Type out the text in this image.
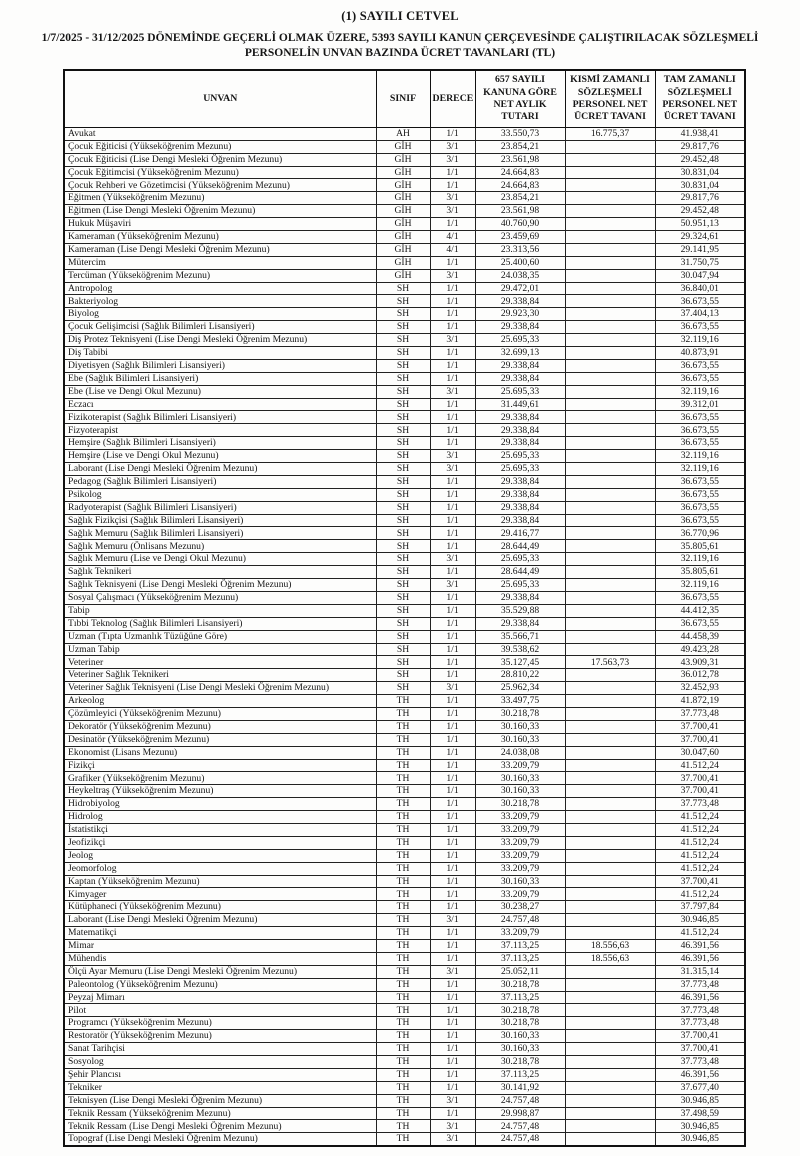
(1) SAYILI CETVEL
1/7/2025 - 31/12/2025 DÖNEMİNDE GEÇERLİ OLMAK ÜZERE, 5393 SAYILI KANUN ÇERÇEVESİNDE ÇALIŞTIRILACAK SÖZLEŞMELİ
PERSONELİN UNVAN BAZINDA ÜCRET TAVANLARI (TL)
UNVAN	SINIF	DERECE	657 SAYILI KANUNA GÖRE NET AYLIK TUTARI	KISMİ ZAMANLI SÖZLEŞMELİ PERSONEL NET ÜCRET TAVANI	TAM ZAMANLI SÖZLEŞMELİ PERSONEL NET ÜCRET TAVANI
Avukat	AH	1/1	33.550,73	16.775,37	41.938,41
Çocuk Eğiticisi (Yükseköğrenim Mezunu)	GİH	3/1	23.854,21		29.817,76
Çocuk Eğiticisi (Lise Dengi Mesleki Öğrenim Mezunu)	GİH	3/1	23.561,98		29.452,48
Çocuk Eğitimcisi (Yükseköğrenim Mezunu)	GİH	1/1	24.664,83		30.831,04
Çocuk Rehberi ve Gözetimcisi (Yükseköğrenim Mezunu)	GİH	1/1	24.664,83		30.831,04
Eğitmen (Yükseköğrenim Mezunu)	GİH	3/1	23.854,21		29.817,76
Eğitmen (Lise Dengi Mesleki Öğrenim Mezunu)	GİH	3/1	23.561,98		29.452,48
Hukuk Müşaviri	GİH	1/1	40.760,90		50.951,13
Kameraman (Yükseköğrenim Mezunu)	GİH	4/1	23.459,69		29.324,61
Kameraman (Lise Dengi Mesleki Öğrenim Mezunu)	GİH	4/1	23.313,56		29.141,95
Mütercim	GİH	1/1	25.400,60		31.750,75
Tercüman (Yükseköğrenim Mezunu)	GİH	3/1	24.038,35		30.047,94
Antropolog	SH	1/1	29.472,01		36.840,01
Bakteriyolog	SH	1/1	29.338,84		36.673,55
Biyolog	SH	1/1	29.923,30		37.404,13
Çocuk Gelişimcisi (Sağlık Bilimleri Lisansiyeri)	SH	1/1	29.338,84		36.673,55
Diş Protez Teknisyeni (Lise Dengi Mesleki Öğrenim Mezunu)	SH	3/1	25.695,33		32.119,16
Diş Tabibi	SH	1/1	32.699,13		40.873,91
Diyetisyen (Sağlık Bilimleri Lisansiyeri)	SH	1/1	29.338,84		36.673,55
Ebe (Sağlık Bilimleri Lisansiyeri)	SH	1/1	29.338,84		36.673,55
Ebe (Lise ve Dengi Okul Mezunu)	SH	3/1	25.695,33		32.119,16
Eczacı	SH	1/1	31.449,61		39.312,01
Fizikoterapist (Sağlık Bilimleri Lisansiyeri)	SH	1/1	29.338,84		36.673,55
Fizyoterapist	SH	1/1	29.338,84		36.673,55
Hemşire (Sağlık Bilimleri Lisansiyeri)	SH	1/1	29.338,84		36.673,55
Hemşire (Lise ve Dengi Okul Mezunu)	SH	3/1	25.695,33		32.119,16
Laborant (Lise Dengi Mesleki Öğrenim Mezunu)	SH	3/1	25.695,33		32.119,16
Pedagog (Sağlık Bilimleri Lisansiyeri)	SH	1/1	29.338,84		36.673,55
Psikolog	SH	1/1	29.338,84		36.673,55
Radyoterapist (Sağlık Bilimleri Lisansiyeri)	SH	1/1	29.338,84		36.673,55
Sağlık Fizikçisi (Sağlık Bilimleri Lisansiyeri)	SH	1/1	29.338,84		36.673,55
Sağlık Memuru (Sağlık Bilimleri Lisansiyeri)	SH	1/1	29.416,77		36.770,96
Sağlık Memuru (Önlisans Mezunu)	SH	1/1	28.644,49		35.805,61
Sağlık Memuru (Lise ve Dengi Okul Mezunu)	SH	3/1	25.695,33		32.119,16
Sağlık Teknikeri	SH	1/1	28.644,49		35.805,61
Sağlık Teknisyeni (Lise Dengi Mesleki Öğrenim Mezunu)	SH	3/1	25.695,33		32.119,16
Sosyal Çalışmacı (Yükseköğrenim Mezunu)	SH	1/1	29.338,84		36.673,55
Tabip	SH	1/1	35.529,88		44.412,35
Tıbbi Teknolog (Sağlık Bilimleri Lisansiyeri)	SH	1/1	29.338,84		36.673,55
Uzman (Tıpta Uzmanlık Tüzüğüne Göre)	SH	1/1	35.566,71		44.458,39
Uzman Tabip	SH	1/1	39.538,62		49.423,28
Veteriner	SH	1/1	35.127,45	17.563,73	43.909,31
Veteriner Sağlık Teknikeri	SH	1/1	28.810,22		36.012,78
Veteriner Sağlık Teknisyeni (Lise Dengi Mesleki Öğrenim Mezunu)	SH	3/1	25.962,34		32.452,93
Arkeolog	TH	1/1	33.497,75		41.872,19
Çözümleyici (Yükseköğrenim Mezunu)	TH	1/1	30.218,78		37.773,48
Dekoratör (Yükseköğrenim Mezunu)	TH	1/1	30.160,33		37.700,41
Desinatör (Yükseköğrenim Mezunu)	TH	1/1	30.160,33		37.700,41
Ekonomist (Lisans Mezunu)	TH	1/1	24.038,08		30.047,60
Fizikçi	TH	1/1	33.209,79		41.512,24
Grafiker (Yükseköğrenim Mezunu)	TH	1/1	30.160,33		37.700,41
Heykeltraş (Yükseköğrenim Mezunu)	TH	1/1	30.160,33		37.700,41
Hidrobiyolog	TH	1/1	30.218,78		37.773,48
Hidrolog	TH	1/1	33.209,79		41.512,24
İstatistikçi	TH	1/1	33.209,79		41.512,24
Jeofizikçi	TH	1/1	33.209,79		41.512,24
Jeolog	TH	1/1	33.209,79		41.512,24
Jeomorfolog	TH	1/1	33.209,79		41.512,24
Kaptan (Yükseköğrenim Mezunu)	TH	1/1	30.160,33		37.700,41
Kimyager	TH	1/1	33.209,79		41.512,24
Kütüphaneci (Yükseköğrenim Mezunu)	TH	1/1	30.238,27		37.797,84
Laborant (Lise Dengi Mesleki Öğrenim Mezunu)	TH	3/1	24.757,48		30.946,85
Matematikçi	TH	1/1	33.209,79		41.512,24
Mimar	TH	1/1	37.113,25	18.556,63	46.391,56
Mühendis	TH	1/1	37.113,25	18.556,63	46.391,56
Ölçü Ayar Memuru (Lise Dengi Mesleki Öğrenim Mezunu)	TH	3/1	25.052,11		31.315,14
Paleontolog (Yükseköğrenim Mezunu)	TH	1/1	30.218,78		37.773,48
Peyzaj Mimarı	TH	1/1	37.113,25		46.391,56
Pilot	TH	1/1	30.218,78		37.773,48
Programcı (Yükseköğrenim Mezunu)	TH	1/1	30.218,78		37.773,48
Restoratör (Yükseköğrenim Mezunu)	TH	1/1	30.160,33		37.700,41
Sanat Tarihçisi	TH	1/1	30.160,33		37.700,41
Sosyolog	TH	1/1	30.218,78		37.773,48
Şehir Plancısı	TH	1/1	37.113,25		46.391,56
Tekniker	TH	1/1	30.141,92		37.677,40
Teknisyen (Lise Dengi Mesleki Öğrenim Mezunu)	TH	3/1	24.757,48		30.946,85
Teknik Ressam (Yükseköğrenim Mezunu)	TH	1/1	29.998,87		37.498,59
Teknik Ressam (Lise Dengi Mesleki Öğrenim Mezunu)	TH	3/1	24.757,48		30.946,85
Topograf (Lise Dengi Mesleki Öğrenim Mezunu)	TH	3/1	24.757,48		30.946,85
